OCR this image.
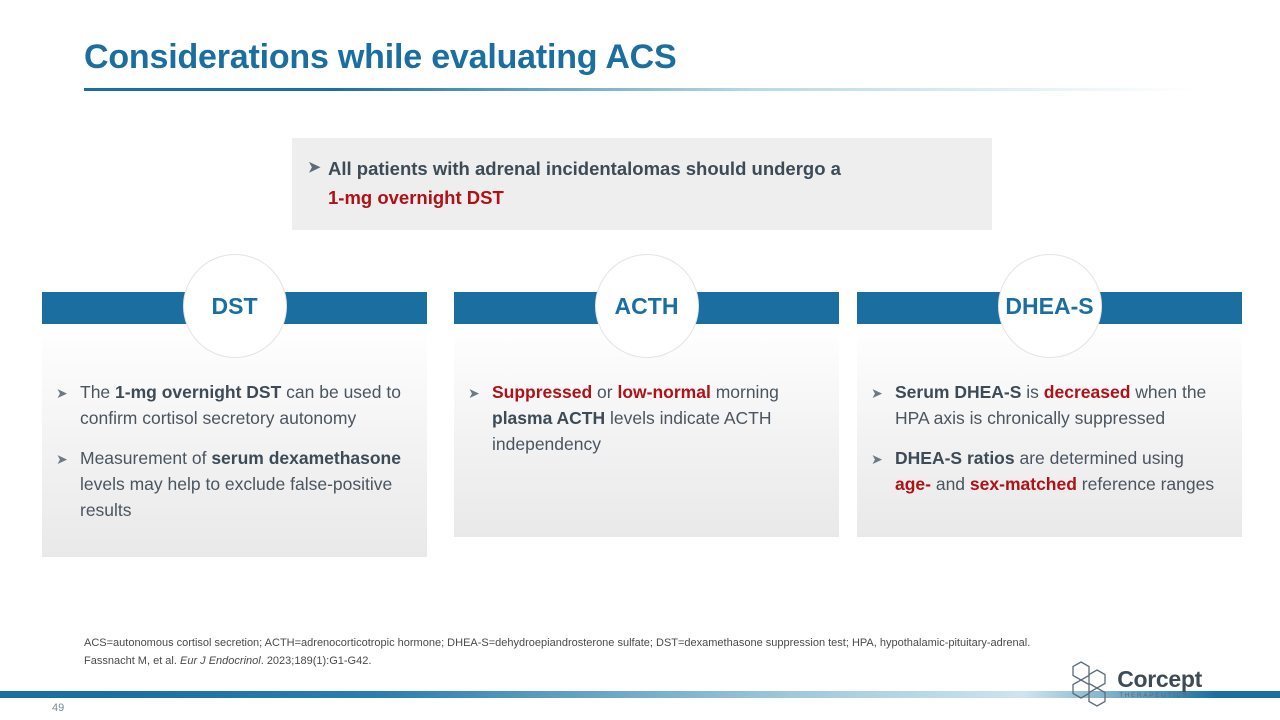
Considerations while evaluating ACS
➤ All patients with adrenal incidentalomas should undergo a
1-mg overnight DST
DST
➤ The 1-mg overnight DST can be used to confirm cortisol secretory autonomy
➤ Measurement of serum dexamethasone levels may help to exclude false-positive results
ACTH
➤ Suppressed or low-normal morning plasma ACTH levels indicate ACTH independency
DHEA-S
➤ Serum DHEA-S is decreased when the HPA axis is chronically suppressed
➤ DHEA-S ratios are determined using age- and sex-matched reference ranges
ACS=autonomous cortisol secretion; ACTH=adrenocorticotropic hormone; DHEA-S=dehydroepiandrosterone sulfate; DST=dexamethasone suppression test; HPA, hypothalamic-pituitary-adrenal.
Fassnacht M, et al. Eur J Endocrinol. 2023;189(1):G1-G42.
49
Corcept
THERAPEUTICS
